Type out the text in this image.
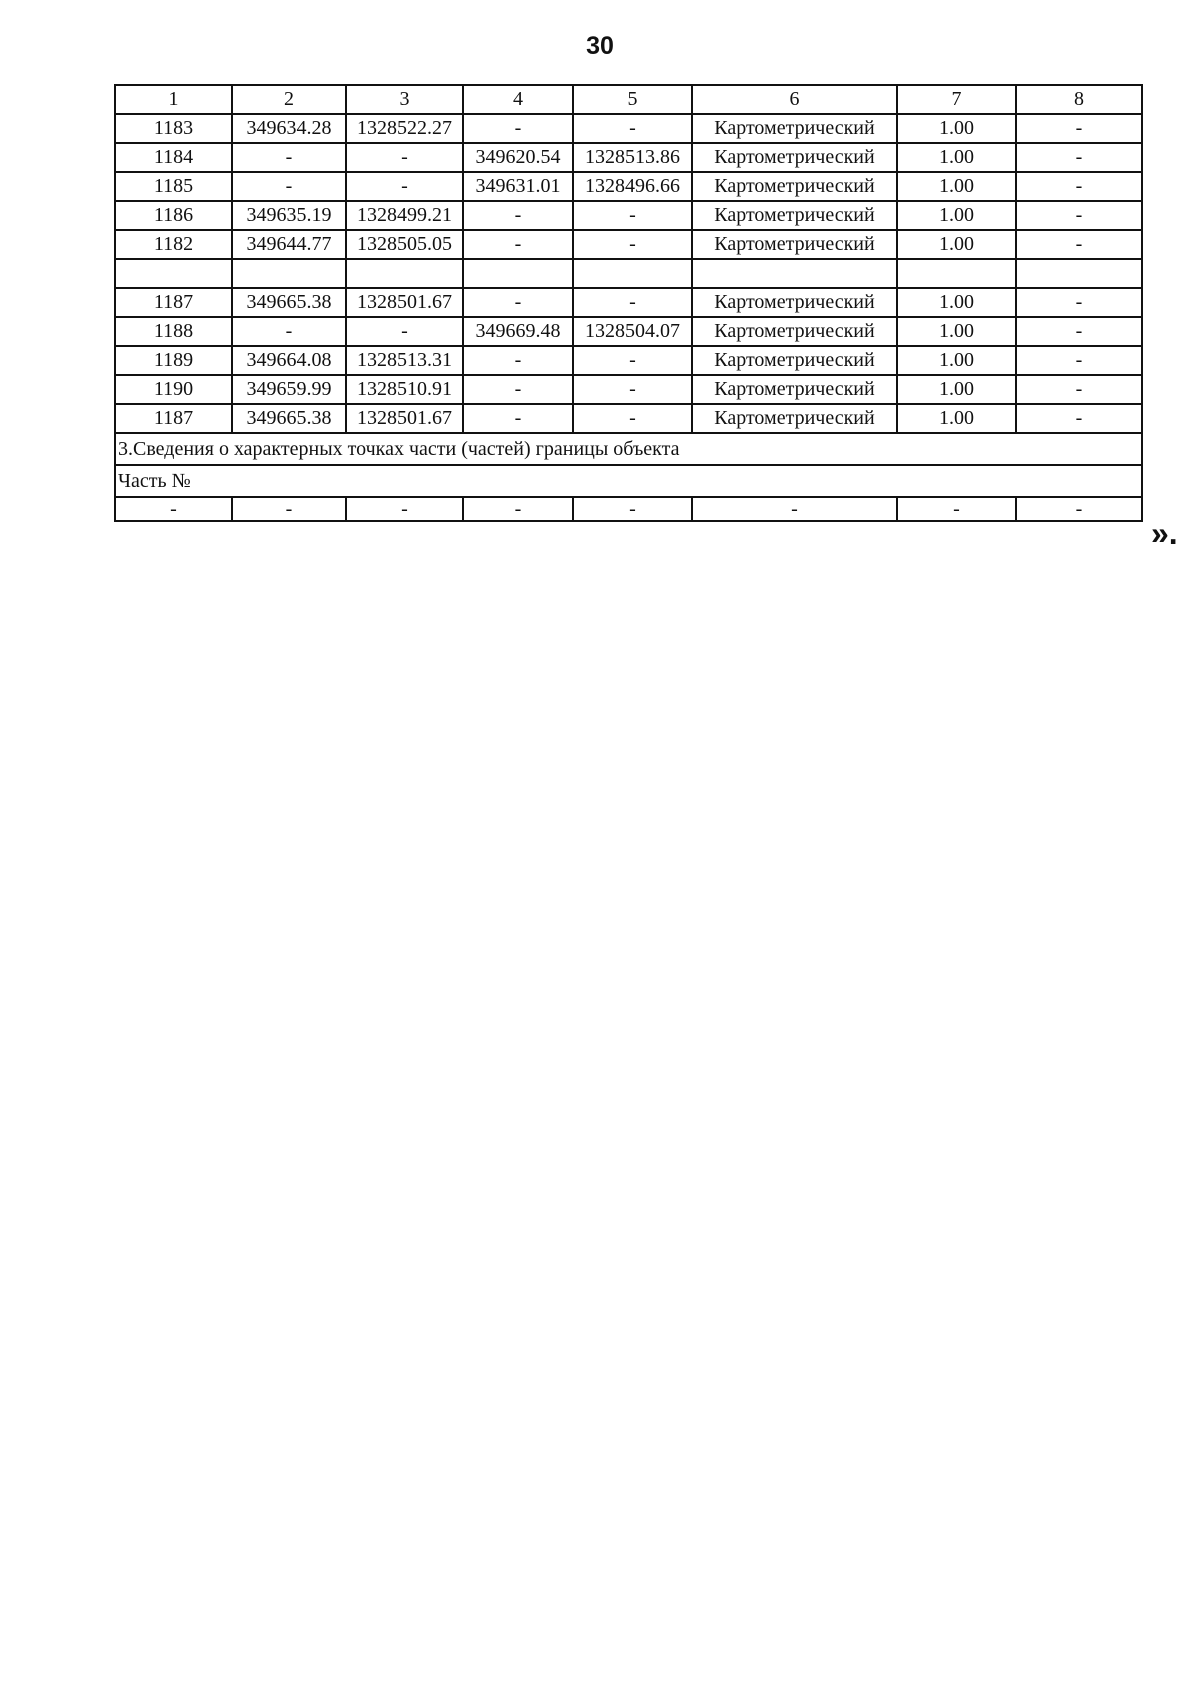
30
1	2	3	4	5	6	7	8
1183	349634.28	1328522.27	-	-	Картометрический	1.00	-
1184	-	-	349620.54	1328513.86	Картометрический	1.00	-
1185	-	-	349631.01	1328496.66	Картометрический	1.00	-
1186	349635.19	1328499.21	-	-	Картометрический	1.00	-
1182	349644.77	1328505.05	-	-	Картометрический	1.00	-

1187	349665.38	1328501.67	-	-	Картометрический	1.00	-
1188	-	-	349669.48	1328504.07	Картометрический	1.00	-
1189	349664.08	1328513.31	-	-	Картометрический	1.00	-
1190	349659.99	1328510.91	-	-	Картометрический	1.00	-
1187	349665.38	1328501.67	-	-	Картометрический	1.00	-
3.Сведения о характерных точках части (частей) границы объекта							
Часть №							
-	-	-	-	-	-	-	-
».
